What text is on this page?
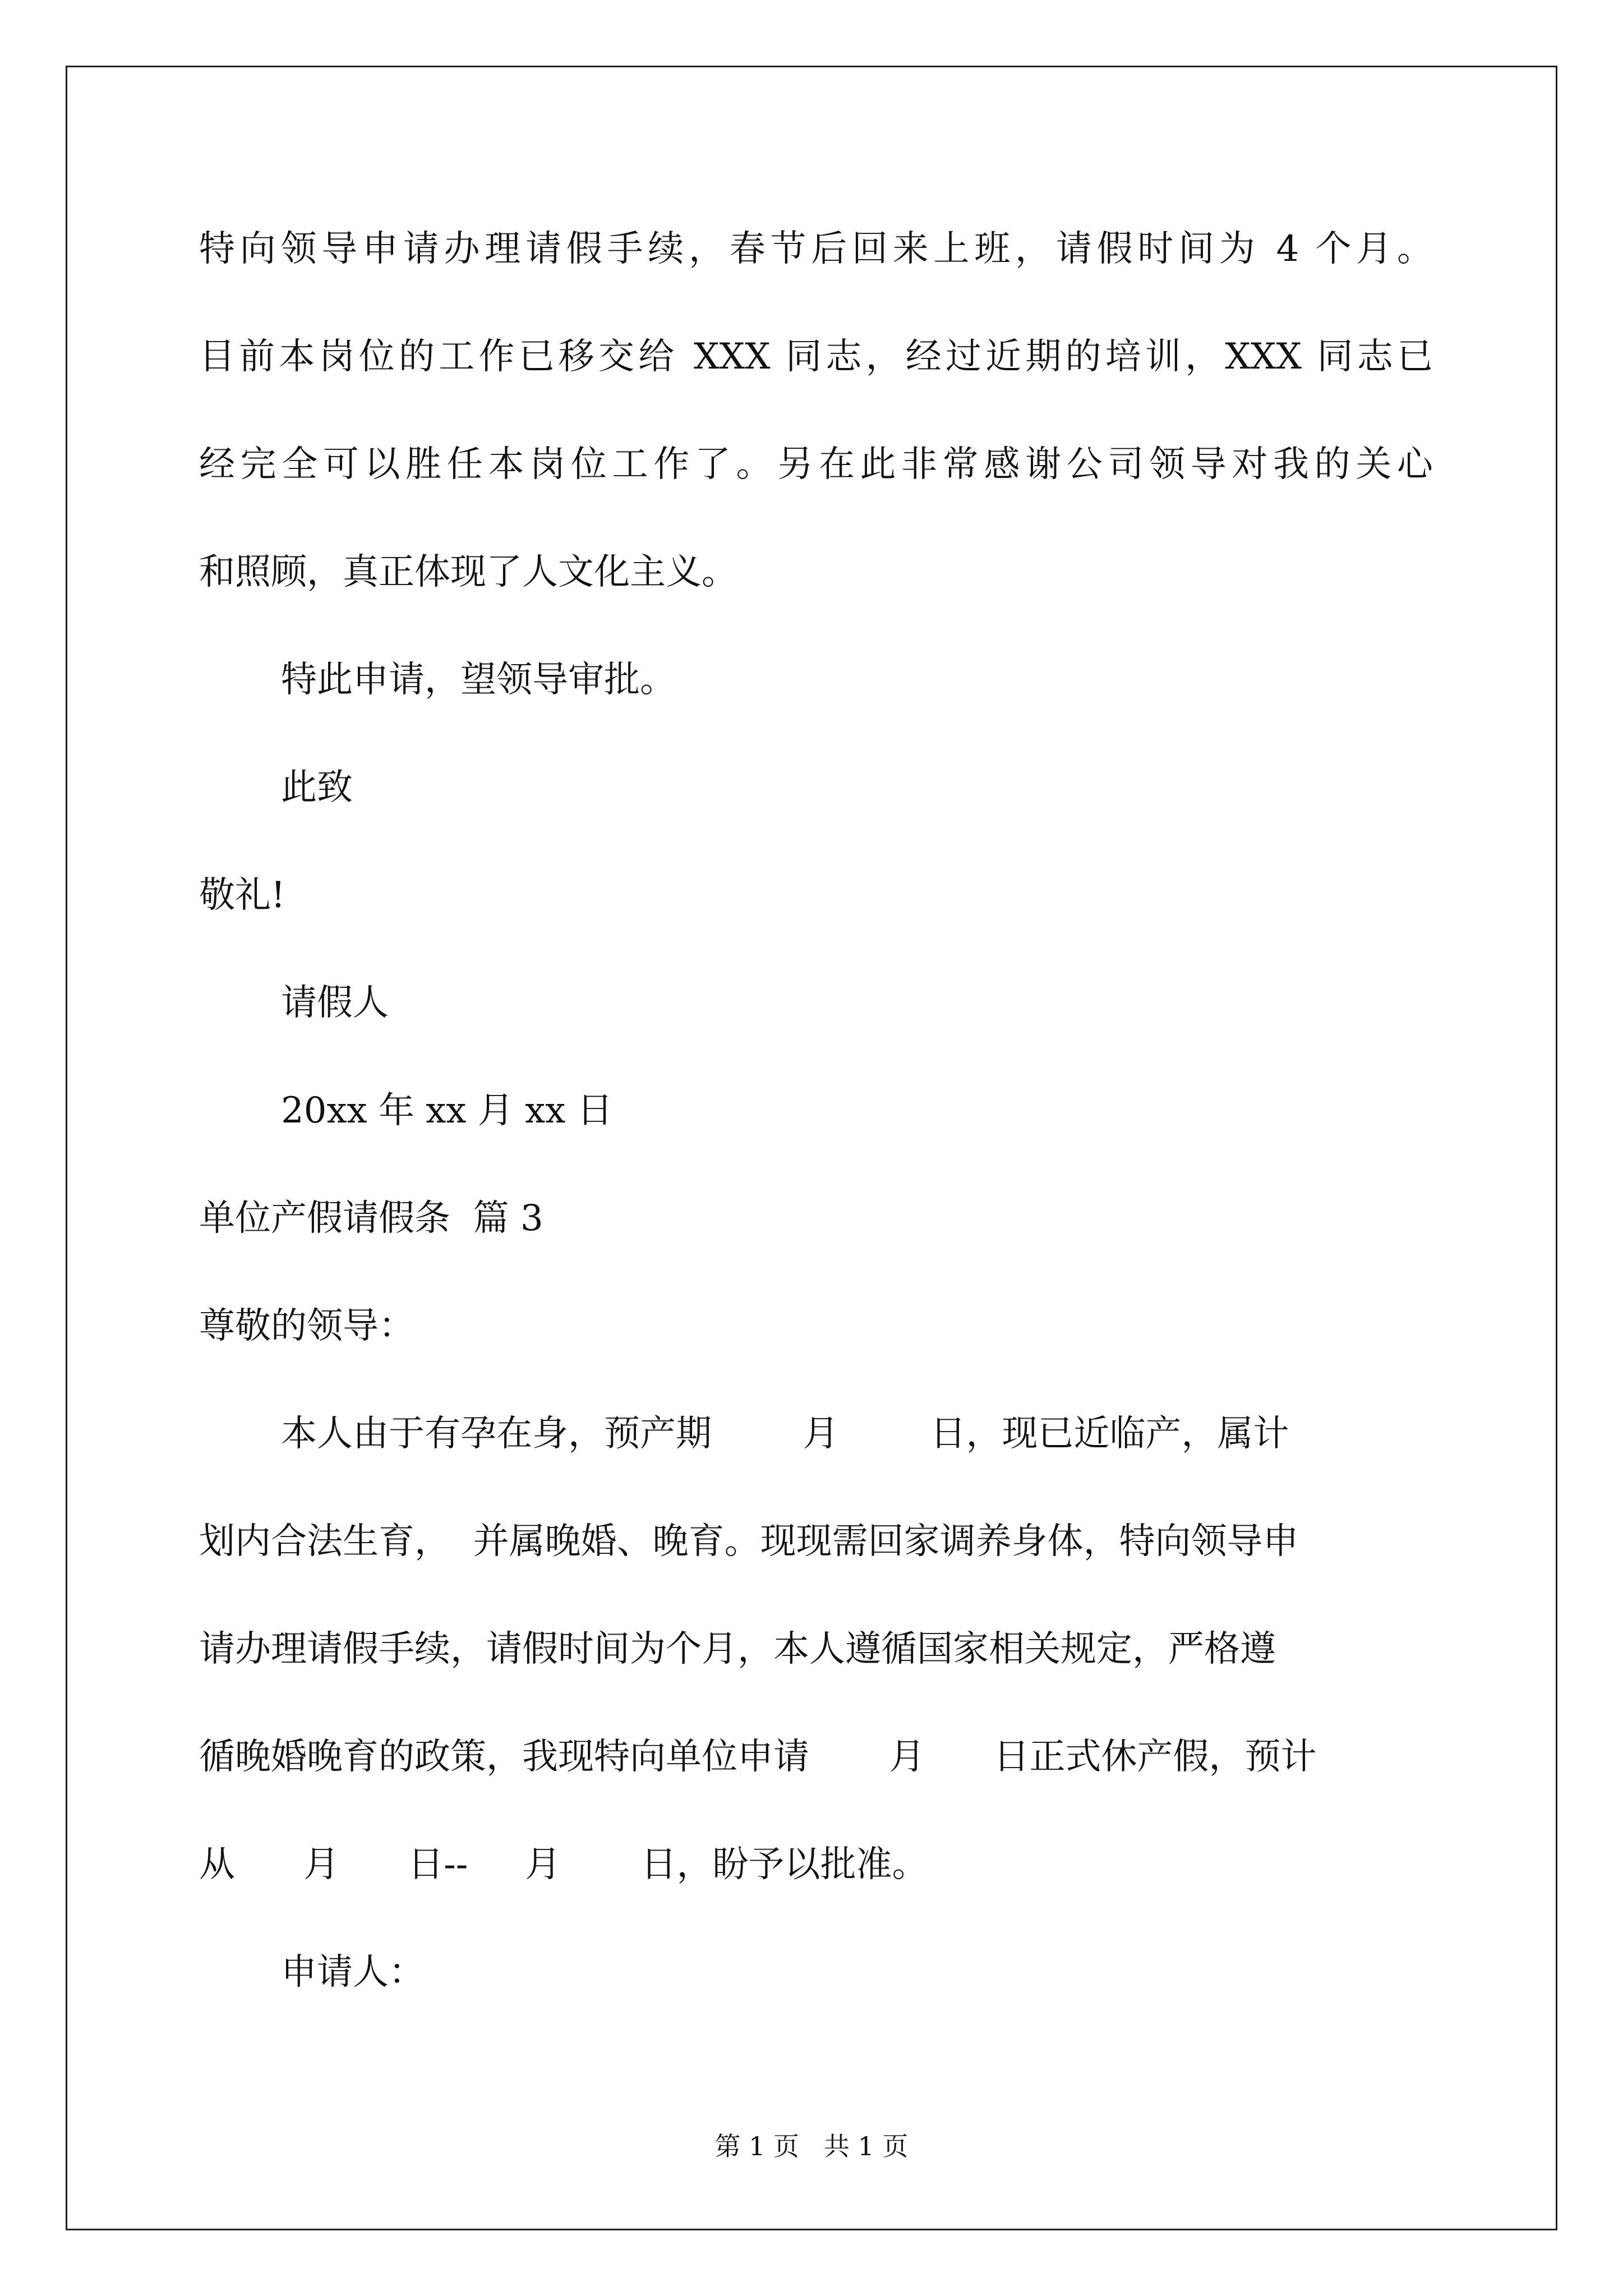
特向领导申请办理请假手续，春节后回来上班，请假时间为 4 个月。
目前本岗位的工作已移交给 XXX 同志，经过近期的培训，XXX 同志已
经完全可以胜任本岗位工作了。另在此非常感谢公司领导对我的关心
和照顾，真正体现了人文化主义。
特此申请，望领导审批。
此致
敬礼!
请假人
20xx 年 xx 月 xx 日
单位产假请假条  篇 3
尊敬的领导：
本人由于有孕在身，预产期        月        日，现已近临产，属计
划内合法生育，  并属晚婚、晚育。现现需回家调养身体，特向领导申
请办理请假手续，请假时间为个月，本人遵循国家相关规定，严格遵
循晚婚晚育的政策，我现特向单位申请       月      日正式休产假，预计
从      月      日--     月       日，盼予以批准。
申请人：
第 1 页   共 1 页
